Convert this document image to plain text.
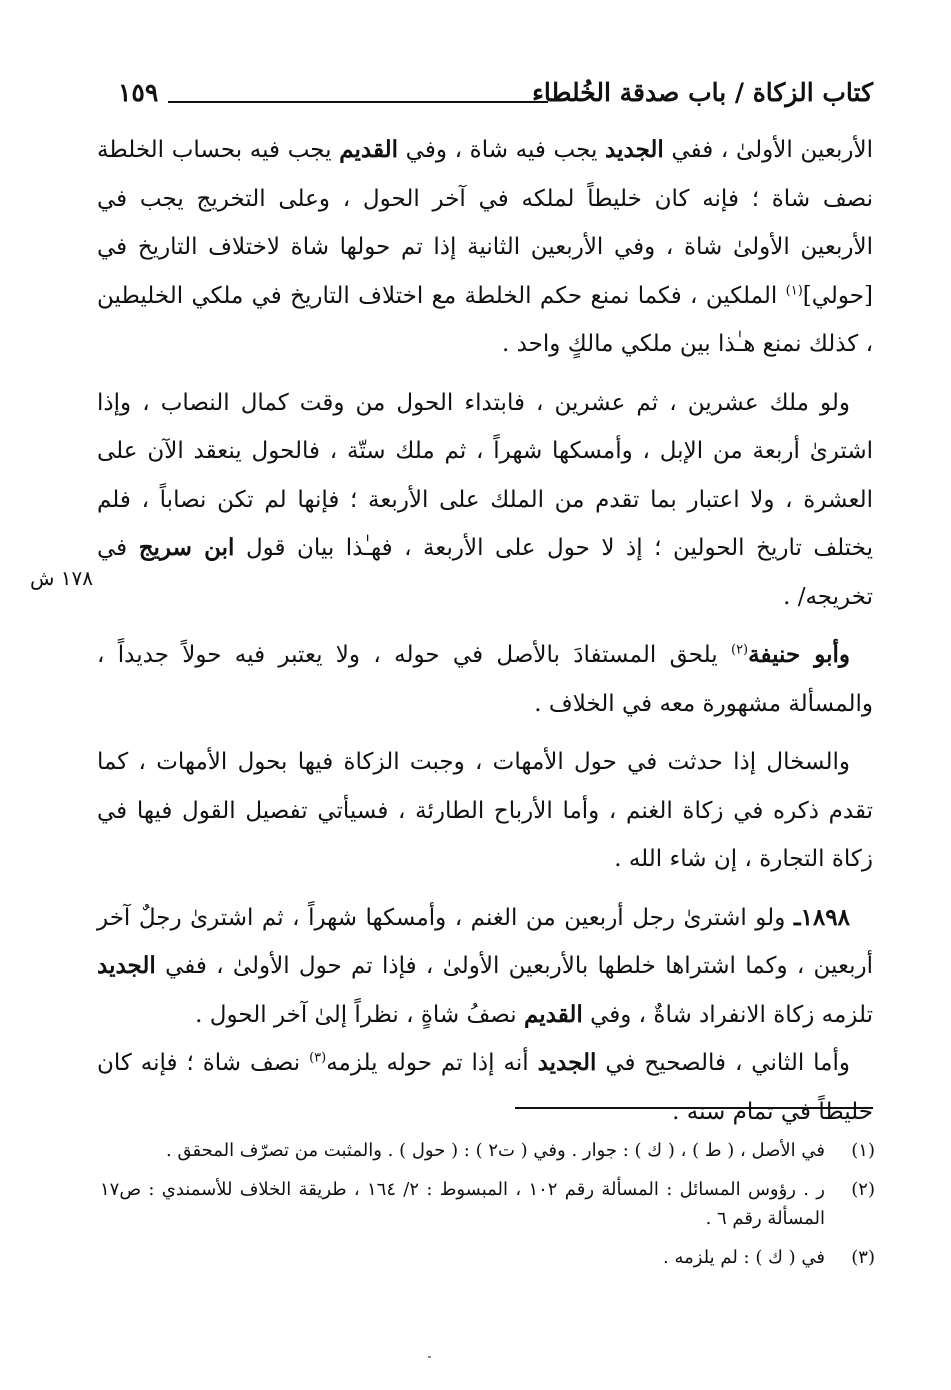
كتاب الزكاة / باب صدقة الخُلطاء
١٥٩
١٧٨ ش

الأربعين الأولىٰ ، ففي الجديد يجب فيه شاة ، وفي القديم يجب فيه بحساب الخلطة نصف شاة ؛ فإنه كان خليطاً لملكه في آخر الحول ، وعلى التخريج يجب في الأربعين الأولىٰ شاة ، وفي الأربعين الثانية إذا تم حولها شاة لاختلاف التاريخ في [حولي]$^{(١)}$ الملكين ، فكما نمنع حكم الخلطة مع اختلاف التاريخ في ملكي الخليطين ، كذلك نمنع هـٰذا بين ملكي مالكٍ واحد .

 ولو ملك عشرين ، ثم عشرين ، فابتداء الحول من وقت كمال النصاب ، وإذا اشترىٰ أربعة من الإبل ، وأمسكها شهراً ، ثم ملك ستّة ، فالحول ينعقد الآن على العشرة ، ولا اعتبار بما تقدم من الملك على الأربعة ؛ فإنها لم تكن نصاباً ، فلم يختلف تاريخ الحولين ؛ إذ لا حول على الأربعة ، فهـٰذا بيان قول ابن سريج في تخريجه/ .

 وأبو حنيفة$^{(٢)}$ يلحق المستفادَ بالأصل في حوله ، ولا يعتبر فيه حولاً جديداً ، والمسألة مشهورة معه في الخلاف .

 والسخال إذا حدثت في حول الأمهات ، وجبت الزكاة فيها بحول الأمهات ، كما تقدم ذكره في زكاة الغنم ، وأما الأرباح الطارئة ، فسيأتي تفصيل القول فيها في زكاة التجارة ، إن شاء الله .

 ١٨٩٨ـ ولو اشترىٰ رجل أربعين من الغنم ، وأمسكها شهراً ، ثم اشترىٰ رجلٌ آخر أربعين ، وكما اشتراها خلطها بالأربعين الأولىٰ ، فإذا تم حول الأولىٰ ، ففي الجديد تلزمه زكاة الانفراد شاةٌ ، وفي القديم نصفُ شاةٍ ، نظراً إلىٰ آخر الحول .

 وأما الثاني ، فالصحيح في الجديد أنه إذا تم حوله يلزمه$^{(٣)}$ نصف شاة ؛ فإنه كان خليطاً في تمام سنة .

(١)
في الأصل ، ( ط ) ، ( ك ) : جوار . وفي ( ت٢ ) : ( حول ) . والمثبت من تصرّف المحقق .
(٢)
ر . رؤوس المسائل : المسألة رقم ١٠٢ ، المبسوط : ٢/ ١٦٤ ، طريقة الخلاف للأسمندي : ص١٧ المسألة رقم ٦ .
(٣)
في ( ك ) : لم يلزمه .
